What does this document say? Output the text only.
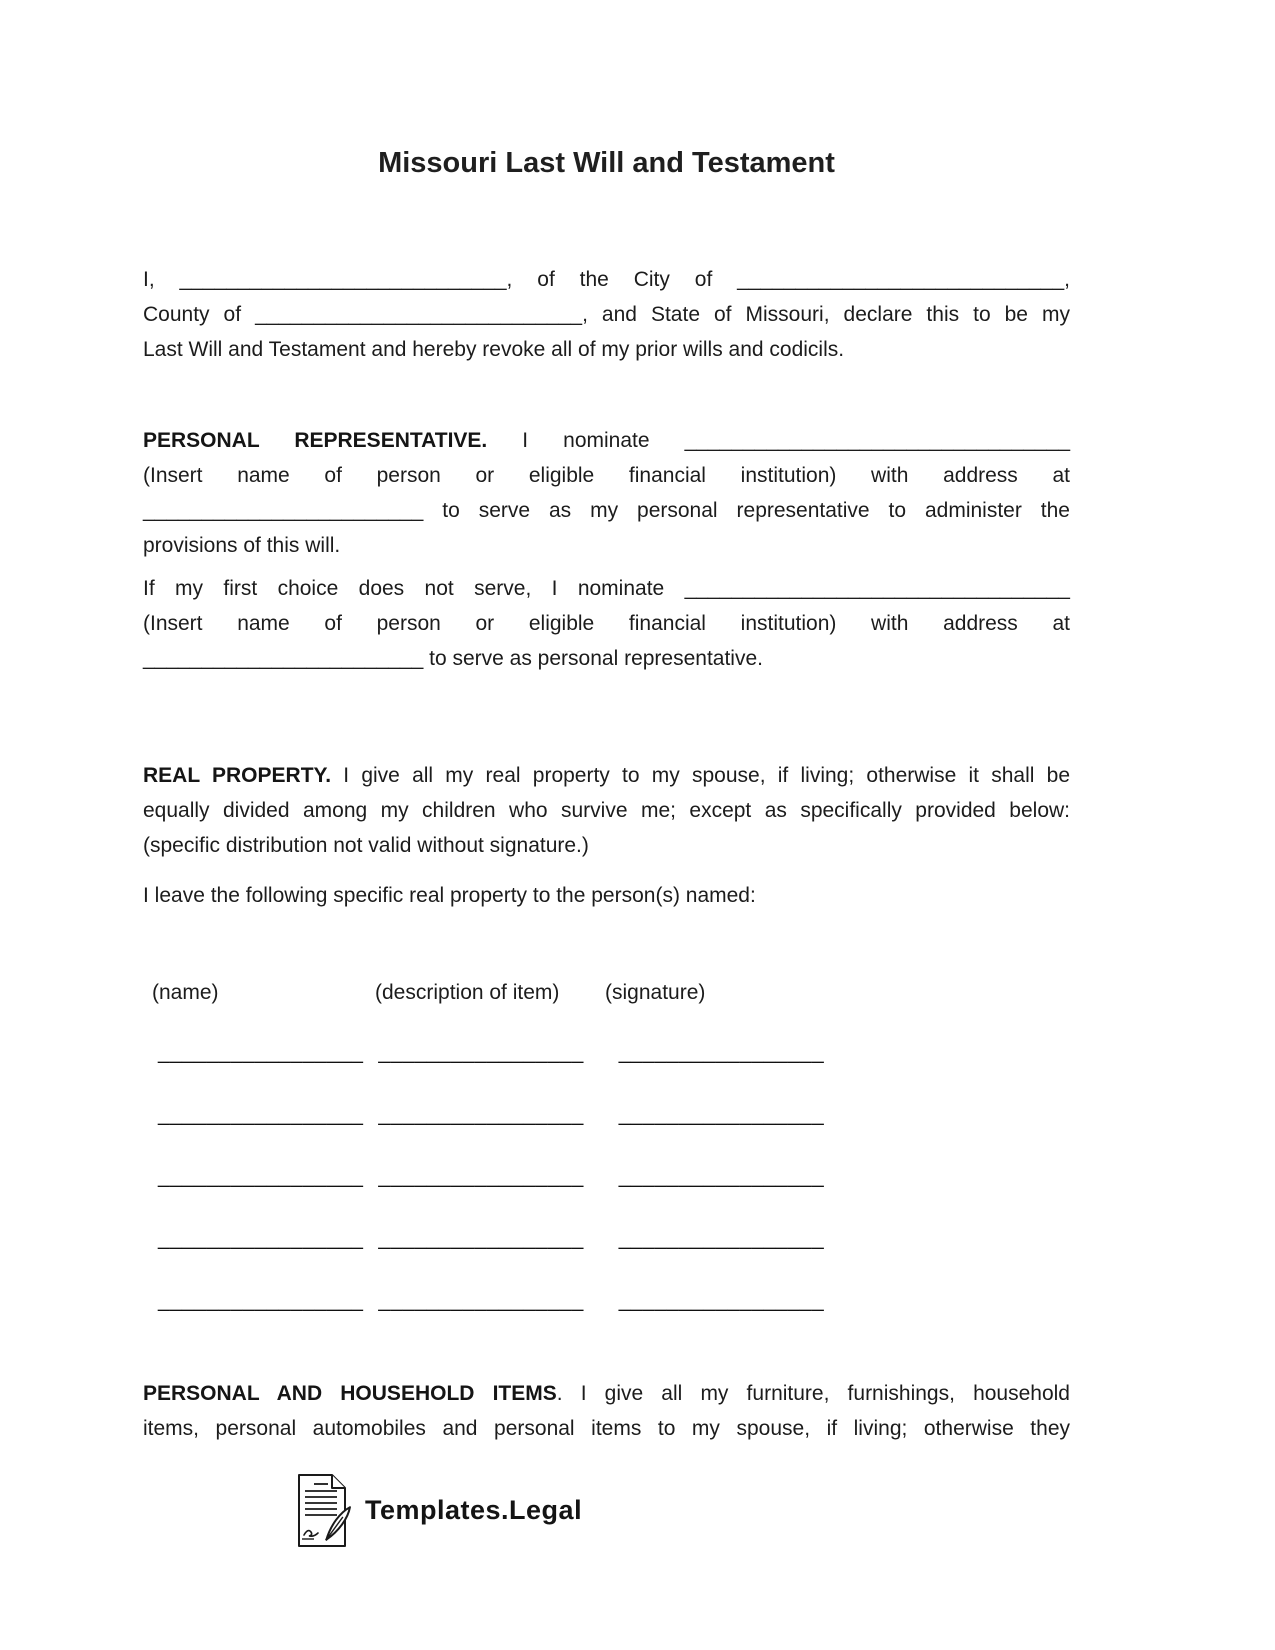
Missouri Last Will and Testament
I, ____________________________, of the City of ____________________________,
County of ____________________________, and State of Missouri, declare this to be my
Last Will and Testament and hereby revoke all of my prior wills and codicils.
PERSONAL REPRESENTATIVE. I nominate _________________________________
(Insert name of person or eligible financial institution) with address at
________________________ to serve as my personal representative to administer the
provisions of this will.
If my first choice does not serve, I nominate _________________________________
(Insert name of person or eligible financial institution) with address at
________________________ to serve as personal representative.
REAL PROPERTY. I give all my real property to my spouse, if living; otherwise it shall be
equally divided among my children who survive me; except as specifically provided below:
(specific distribution not valid without signature.)
I leave the following specific real property to the person(s) named:
(name)	(description of item)	(signature)
_________________ _________________ _________________
_________________ _________________ _________________
_________________ _________________ _________________
_________________ _________________ _________________
_________________ _________________ _________________
PERSONAL AND HOUSEHOLD ITEMS. I give all my furniture, furnishings, household
items, personal automobiles and personal items to my spouse, if living; otherwise they
Templates.Legal
